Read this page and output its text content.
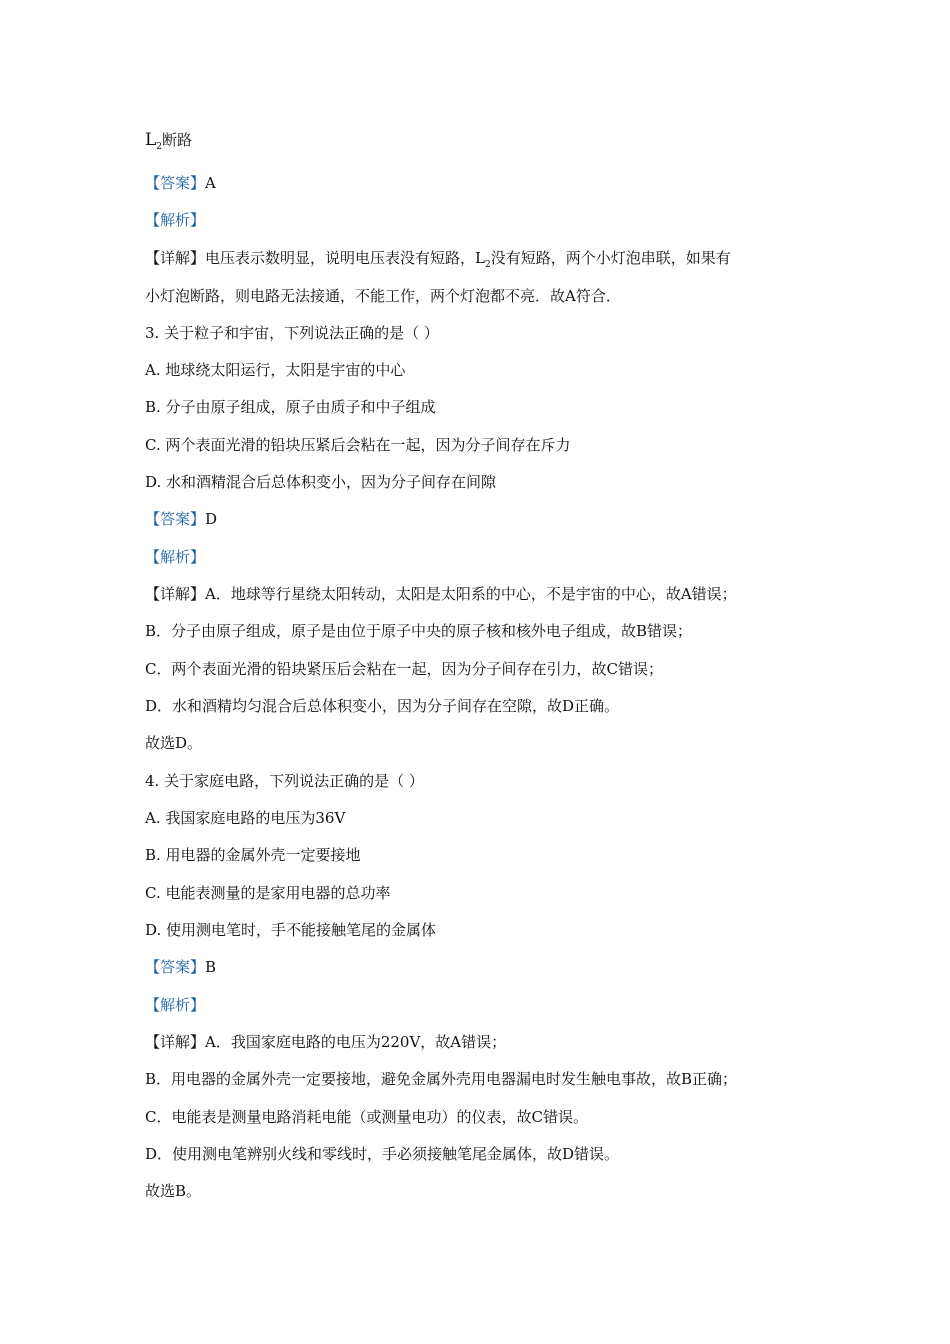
$L_2$断路
【答案】A
【解析】
【详解】电压表示数明显，说明电压表没有短路，$L_2$没有短路，两个小灯泡串联，如果有
小灯泡断路，则电路无法接通，不能工作，两个灯泡都不亮．故A符合．
3. 关于粒子和宇宙，下列说法正确的是（ ）
A. 地球绕太阳运行，太阳是宇宙的中心
B. 分子由原子组成，原子由质子和中子组成
C. 两个表面光滑的铅块压紧后会粘在一起，因为分子间存在斥力
D. 水和酒精混合后总体积变小，因为分子间存在间隙
【答案】D
【解析】
【详解】A．地球等行星绕太阳转动，太阳是太阳系的中心，不是宇宙的中心，故A错误；
B．分子由原子组成，原子是由位于原子中央的原子核和核外电子组成，故B错误；
C．两个表面光滑的铅块紧压后会粘在一起，因为分子间存在引力，故C错误；
D．水和酒精均匀混合后总体积变小，因为分子间存在空隙，故D正确。
故选D。
4. 关于家庭电路，下列说法正确的是（ ）
A. 我国家庭电路的电压为36V
B. 用电器的金属外壳一定要接地
C. 电能表测量的是家用电器的总功率
D. 使用测电笔时，手不能接触笔尾的金属体
【答案】B
【解析】
【详解】A．我国家庭电路的电压为220V，故A错误；
B．用电器的金属外壳一定要接地，避免金属外壳用电器漏电时发生触电事故，故B正确；
C．电能表是测量电路消耗电能（或测量电功）的仪表，故C错误。
D．使用测电笔辨别火线和零线时，手必须接触笔尾金属体，故D错误。
故选B。
